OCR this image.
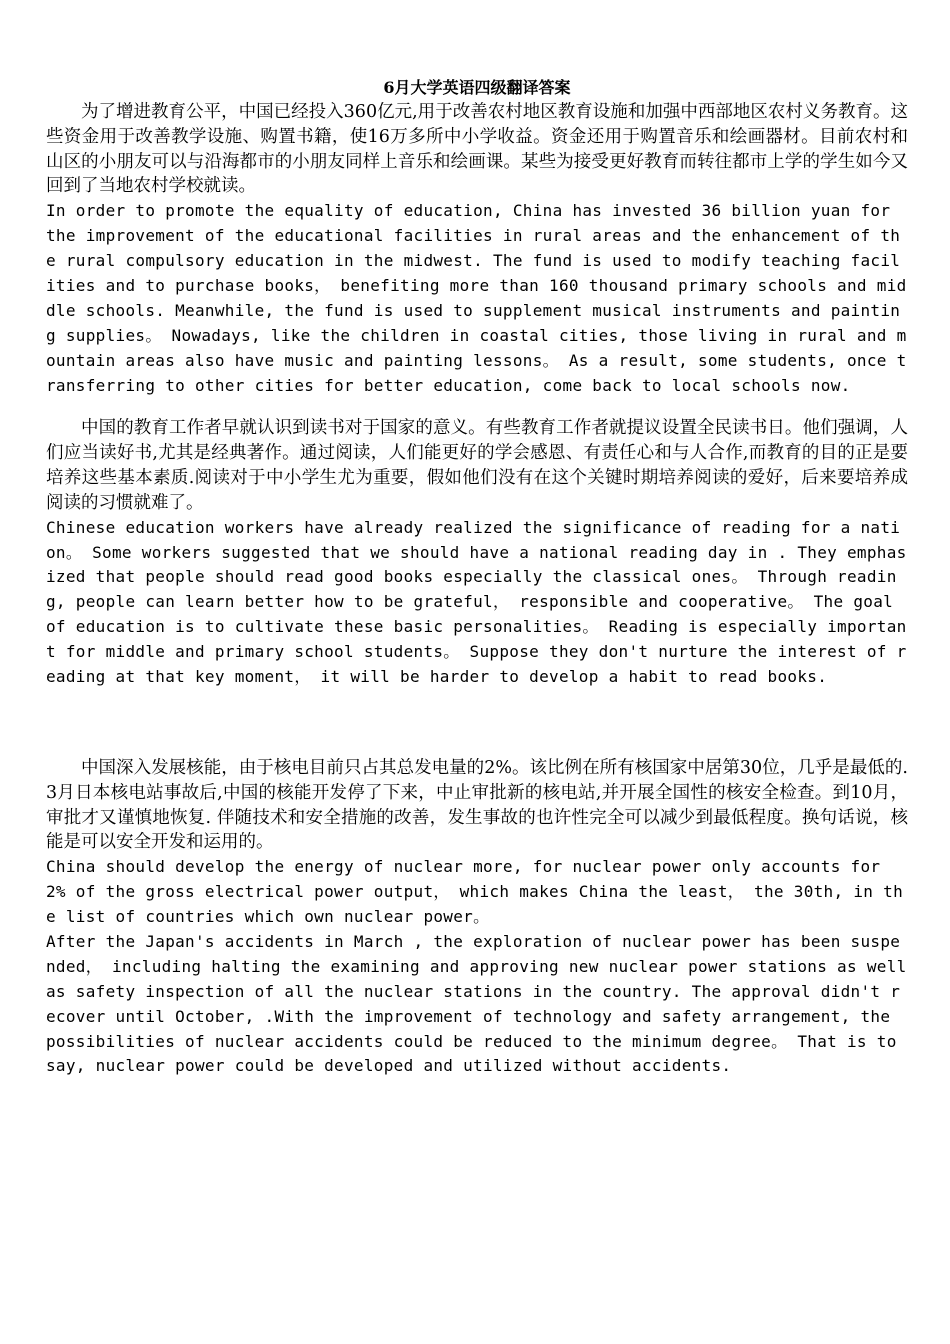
6月大学英语四级翻译答案

为了增进教育公平，中国已经投入360亿元,用于改善农村地区教育设施和加强中西部地区农村义务教育。这些资金用于改善教学设施、购置书籍，使16万多所中小学收益。资金还用于购置音乐和绘画器材。目前农村和山区的小朋友可以与沿海都市的小朋友同样上音乐和绘画课。某些为接受更好教育而转往都市上学的学生如今又回到了当地农村学校就读。

In order to promote the equality of education, China has invested 36 billion yuan for the improvement of the educational facilities in rural areas and the enhancement of the rural compulsory education in the midwest. The fund is used to modify teaching facilities and to purchase books， benefiting more than 160 thousand primary schools and middle schools. Meanwhile, the fund is used to supplement musical instruments and painting supplies。 Nowadays, like the children in coastal cities, those living in rural and mountain areas also have music and painting lessons。 As a result, some students, once transferring to other cities for better education, come back to local schools now.

中国的教育工作者早就认识到读书对于国家的意义。有些教育工作者就提议设置全民读书日。他们强调，人们应当读好书,尤其是经典著作。通过阅读，人们能更好的学会感恩、有责任心和与人合作,而教育的目的正是要培养这些基本素质.阅读对于中小学生尤为重要，假如他们没有在这个关键时期培养阅读的爱好，后来要培养成阅读的习惯就难了。

Chinese education workers have already realized the significance of reading for a nation。 Some workers suggested that we should have a national reading day in . They emphasized that people should read good books especially the classical ones。 Through reading, people can learn better how to be grateful， responsible and cooperative。 The goal of education is to cultivate these basic personalities。 Reading is especially important for middle and primary school students。 Suppose they don't nurture the interest of reading at that key moment， it will be harder to develop a habit to read books.

中国深入发展核能，由于核电目前只占其总发电量的2%。该比例在所有核国家中居第30位，几乎是最低的.3月日本核电站事故后,中国的核能开发停了下来，中止审批新的核电站,并开展全国性的核安全检查。到10月，审批才又谨慎地恢复. 伴随技术和安全措施的改善，发生事故的也许性完全可以减少到最低程度。换句话说，核能是可以安全开发和运用的。

China should develop the energy of nuclear more, for nuclear power only accounts for 2% of the gross electrical power output， which makes China the least， the 30th, in the list of countries which own nuclear power。

After the Japan's accidents in March , the exploration of nuclear power has been suspended， including halting the examining and approving new nuclear power stations as well as safety inspection of all the nuclear stations in the country. The approval didn't recover until October, .With the improvement of technology and safety arrangement, the possibilities of nuclear accidents could be reduced to the minimum degree。 That is to say, nuclear power could be developed and utilized without accidents.
